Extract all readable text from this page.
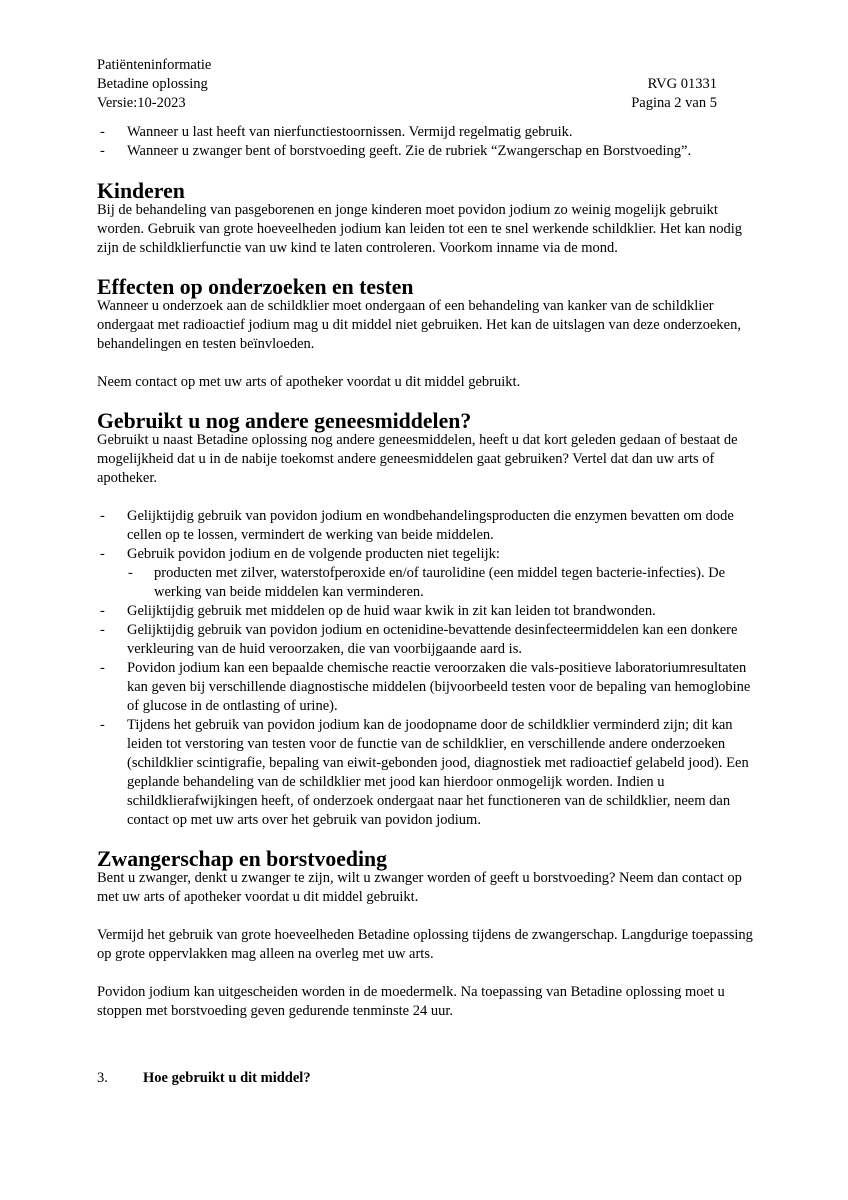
Patiënteninformatie
Betadine oplossing	RVG 01331
Versie:10-2023	Pagina 2 van 5
-	Wanneer u last heeft van nierfunctiestoornissen. Vermijd regelmatig gebruik.
-	Wanneer u zwanger bent of borstvoeding geeft. Zie de rubriek “Zwangerschap en Borstvoeding”.
Kinderen

Bij de behandeling van pasgeborenen en jonge kinderen moet povidon jodium zo weinig mogelijk gebruikt worden. Gebruik van grote hoeveelheden jodium kan leiden tot een te snel werkende schildklier. Het kan nodig zijn de schildklierfunctie van uw kind te laten controleren. Voorkom inname via de mond.

Effecten op onderzoeken en testen

Wanneer u onderzoek aan de schildklier moet ondergaan of een behandeling van kanker van de schildklier ondergaat met radioactief jodium mag u dit middel niet gebruiken. Het kan de uitslagen van deze onderzoeken, behandelingen en testen beïnvloeden.

Neem contact op met uw arts of apotheker voordat u dit middel gebruikt.

Gebruikt u nog andere geneesmiddelen?

Gebruikt u naast Betadine oplossing nog andere geneesmiddelen, heeft u dat kort geleden gedaan of bestaat de mogelijkheid dat u in de nabije toekomst andere geneesmiddelen gaat gebruiken? Vertel dat dan uw arts of apotheker.

-	Gelijktijdig gebruik van povidon jodium en wondbehandelingsproducten die enzymen bevatten om dode cellen op te lossen, vermindert de werking van beide middelen.
-	Gebruik povidon jodium en de volgende producten niet tegelijk:
-	producten met zilver, waterstofperoxide en/of taurolidine (een middel tegen bacterie-infecties). De werking van beide middelen kan verminderen.
-	Gelijktijdig gebruik met middelen op de huid waar kwik in zit kan leiden tot brandwonden.
-	Gelijktijdig gebruik van povidon jodium en octenidine-bevattende desinfecteermiddelen kan een donkere verkleuring van de huid veroorzaken, die van voorbijgaande aard is.
-	Povidon jodium kan een bepaalde chemische reactie veroorzaken die vals-positieve laboratoriumresultaten kan geven bij verschillende diagnostische middelen (bijvoorbeeld testen voor de bepaling van hemoglobine of glucose in de ontlasting of urine).
-	Tijdens het gebruik van povidon jodium kan de joodopname door de schildklier verminderd zijn; dit kan leiden tot verstoring van testen voor de functie van de schildklier, en verschillende andere onderzoeken (schildklier scintigrafie, bepaling van eiwit-gebonden jood, diagnostiek met radioactief gelabeld jood). Een geplande behandeling van de schildklier met jood kan hierdoor onmogelijk worden. Indien u schildklierafwijkingen heeft, of onderzoek ondergaat naar het functioneren van de schildklier, neem dan contact op met uw arts over het gebruik van povidon jodium.
Zwangerschap en borstvoeding

Bent u zwanger, denkt u zwanger te zijn, wilt u zwanger worden of geeft u borstvoeding? Neem dan contact op met uw arts of apotheker voordat u dit middel gebruikt.

Vermijd het gebruik van grote hoeveelheden Betadine oplossing tijdens de zwangerschap. Langdurige toepassing op grote oppervlakken mag alleen na overleg met uw arts.

Povidon jodium kan uitgescheiden worden in de moedermelk. Na toepassing van Betadine oplossing moet u stoppen met borstvoeding geven gedurende tenminste 24 uur.

3.	Hoe gebruikt u dit middel?
